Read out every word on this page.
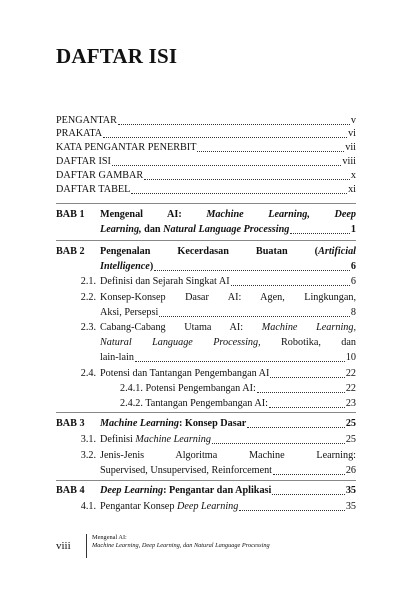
DAFTAR ISI
PENGANTAR	v
PRAKATA	vi
KATA PENGANTAR PENERBIT	vii
DAFTAR ISI	viii
DAFTAR GAMBAR	x
DAFTAR TABEL	xi
BAB 1 Mengenal AI: Machine Learning, Deep
Learning, dan Natural Language Processing	1
BAB 2 Pengenalan Kecerdasan Buatan (Artificial
Intelligence)	6
2.1. Definisi dan Sejarah Singkat AI	6
2.2. Konsep-Konsep Dasar AI: Agen, Lingkungan,
Aksi, Persepsi	8
2.3. Cabang-Cabang Utama AI: Machine Learning,
Natural Language Processing, Robotika, dan
lain-lain	10
2.4. Potensi dan Tantangan Pengembangan AI	22
2.4.1. Potensi Pengembangan AI:	22
2.4.2. Tantangan Pengembangan AI:	23
BAB 3 Machine Learning: Konsep Dasar	25
3.1. Definisi Machine Learning	25
3.2. Jenis-Jenis Algoritma Machine Learning:
Supervised, Unsupervised, Reinforcement	26
BAB 4 Deep Learning: Pengantar dan Aplikasi	35
4.1. Pengantar Konsep Deep Learning	35
viii
Mengenal AI:
Machine Learning, Deep Learning, dan Natural Language Processing
